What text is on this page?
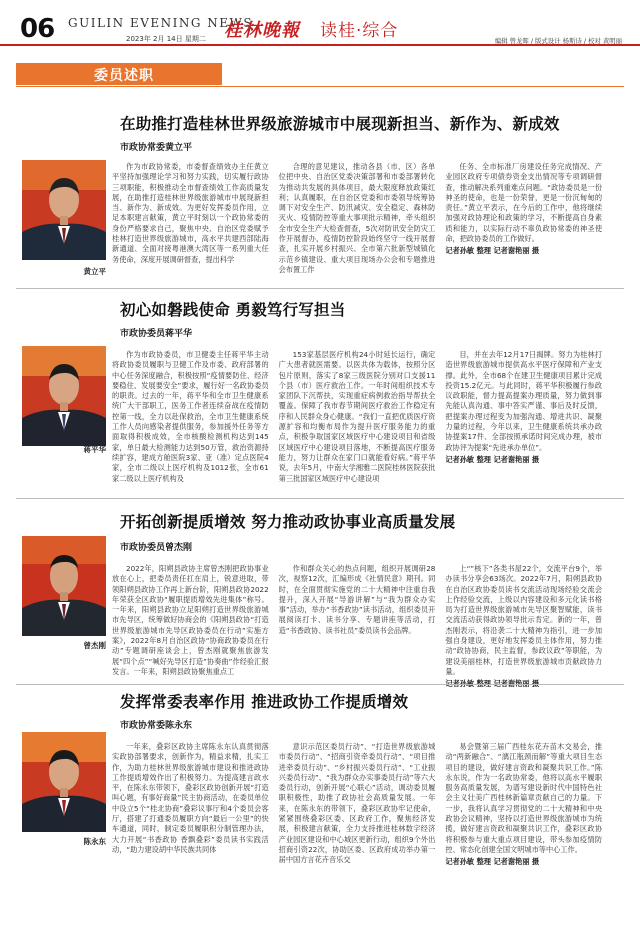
06 GUILIN EVENING NEWS
2023年 2月 14日 星期二 桂林晚報 读桂·综合	编辑 曾龙晖 / 版式设计 杨斯诗 / 校对 黄明丽
委员述职
在助推打造桂林世界级旅游城市中展现新担当、新作为、新成效
市政协常委黄立平
黄立平

作为市政协常委，市委督查绩效办主任黄立平坚持加强理论学习和努力实践，切实履行政协三项职能，积极推动全市督查绩效工作高质量发展，在助推打造桂林世界级旅游城市中展现新担当、新作为、新成效。为更好发挥委员作用，立足本职建言献策，黄立平时刻以一个政协常委的身份严格要求自己，聚焦中央、自治区党委赋予桂林打造世界级旅游城市，高水平共建西部陆海新通道、全面对接粤港澳大湾区等一系列重大任务使命，深度开展调研督查，提出科学

合理的意见建议，推动各县（市、区）各单位把中央、自治区党委决策部署和市委部署转化为推动共发展的具体项目，最大限度释放政策红利；认真履职，在自治区党委和市委领导统筹协调下对安全生产、防汛减灾、安全稳定、森林防灭火、疫情防控等重大事项批示精神，牵头组织全市安全生产大检查督查，5次对防讯安全防灾工作开展督办，疫情防控阶段始终坚守一线开展督查，扎实开展乡村振兴、全市第六批新型城镇化示范乡镇建设、重大项目现场办公会和专题推进会布置工作

任务、全市标准厂房建设任务完成情况、产业园区政府专项债券资金支出情况等专项调研督查，推动解决系列重难点问题。“政协委员是一份神圣的使命，也是一份荣誉，更是一份沉甸甸的责任。”黄立平表示，在今后的工作中，他将继续加强对政协理论和政策的学习，不断提高自身素质和能力，以实际行动不辜负政协常委的神圣使命，把政协委员的工作做好。

记者孙敏 整理 记者谢艳丽 摄

初心如磐践使命 勇毅笃行写担当
市政协委员蒋平华
蒋平华

作为市政协委员，市卫健委主任蒋平华主动将政协委员履职与卫健工作及市委、政府部署的中心任务深度融合，积极按照“疫情要防住、经济要稳住、发展要安全”要求，履行好一名政协委员的职责。过去的一年，蒋平华和全市卫生健康系统广大干部职工，医务工作者连续奋战在疫情防控第一线，全力以赴保救治，全市卫生健康系统工作人员向感染者提供服务，参加援外任务等方面取得积极成效，全市核酸检测机构达到145家，单日最大检测能力达到50万管，救治资源持续扩容，建成方舱医院3家、亚（准）定点医院4家，全市二级以上医疗机构及1012张，全市61家二级以上医疗机构及

153家基层医疗机构24小时延长运行，确定广大患者就医需要。以医共体为载体，按照分区包片原则，落实了8家三级医院分别对口支援11个县（市）医疗救治工作。一年时间组织技术专家团队下沉帮扶，实现重症病例救治指导帮扶全覆盖。保障了我市春节期间医疗救治工作稳定有序和人民群众身心健康。“我们一直把优质医疗资源扩容和均衡布局作为提升医疗服务能力的重点，积极争取国家区域医疗中心建设项目和省级区域医疗中心建设项目落地，不断提高医疗服务能力，努力让群众在家门口就能看好病。”蒋平华说，去年5月，中南大学湘雅二医院桂林医院获批第三批国家区域医疗中心建设项

目，并在去年12月17日揭牌。努力为桂林打造世界级旅游城市提供高水平医疗保障和产业支撑。此外，全市68个在建卫生健康项目累计完成投资15.2亿元。与此同时，蒋平华积极履行参政议政职能，督力提高提案办理质量，努力做到事先能认真沟通、事中答实严谨、事后及时反馈，把提案办理过程变为加强沟通、增进共识、凝聚力量的过程，今年以来，卫生健康系统共承办政协提案17件、全部按照承诺时间完成办理，被市政协评为提案“先进承办单位”。

记者孙敏 整理 记者谢艳丽 摄

开拓创新提质增效 努力推动政协事业高质量发展
市政协委员曾杰刚
曾杰刚

2022年，阳朔县政协主席曾杰刚把政协事业放在心上，把委员责任扛在肩上，锐意进取，带领阳朔县政协工作再上新台阶，阳朔县政协2022年荣获全区政协“履职提质增效先进集体”称号。一年来，阳朔县政协立足阳朔打造世界级旅游城市先导区，统筹做好协商会的《阳朔县政协“打造世界级旅游城市先导区政协委员在行动”实施方案》，2022年8月自治区政协“协商政协委员在行动”专题调研座谈会上，曾杰刚就聚焦旅游发展“四个点”“喊好先导区打造”协奏曲”作经验汇报发言。一年来，阳朔县政协聚焦重点工

作和群众关心的热点问题，组织开展调研28次，视察12次，汇编形成《社情民意》期刊。同时，在全面贯彻实施党的二十大精神中注重自我提升，深入开展“导游讲解”与“我为群众办实事”活动，举办“书香政协”读书活动，组织委员开展阅读打卡、读书分享、专题讲座等活动，打造“书香政协、读书社员”委员读书会品牌。

上“”核下”各类书屋22个，交流平台9个，举办读书分享会63场次。2022年7月，阳朔县政协在自治区政协委员读书交流活动现场经验交流会上作经验交流，上级以内容建设和多元化读书格局为打造世界级旅游城市先导区聚智赋能，读书交流活动获得政协领导批示肯定。新的一年，曾杰刚表示，将沿袭二十大精神为指引，进一步加强自身建设，更好地发挥委员主体作用，努力推动“政协协商，民主监督，参政议政”等职能，为建设美丽桂林，打造世界级旅游城市贡献政协力量。

发挥常委表率作用 推进政协工作提质增效
市政协常委陈永东
陈永东

一年来，叠彩区政协主席陈永东认真贯彻落实政协部署要求，创新作为，精益求精，扎实工作，为助力桂林世界级旅游城市建设和推进政协工作提质增效作出了积极努力。为提高建言政水平，在陈永东带领下，叠彩区政协创新开展“打造叫心题，有事好商量”民主协商活动，在委员单位中设立5个“桂北协商”叠彩议事厅和4个委员会客厅，搭建了打通委员履职方向“最后一公里”的快车通道，同时，制定委员履职积分制管理办法，大力开展“书香政协 香飘叠彩”委员读书实践活动，“助力建设胡中华民族共同体

意识示范区委员行动”、“打造世界级旅游城市委员行动”、“招商引资牵委员行动”、“项目推进牵委员行动”、“乡村振兴委员行动”、“工业振兴委员行动”、“我为群众办实事委员行动”等六大委员行动，创新开展“心联心”活动，调动委员履职积极性，助推了政协社会高质量发展。一年来，在陈永东的带领下，叠彩区政协牢记使命，紧紧围绕叠彩区委、区政府工作，聚焦经济发展，积极建言献策，全力支持推进桂林数字经济产业园区建设和中心城区更新行动，组织9个外出招商引资22次，协助区委、区政府成功举办第一届中国方言花卉音乐交

易会暨第三届广西桂东花卉苗木交易会，推动“两新融合”、“漓江瓶颈而解”等重大项目生态项目的建设，做好建言资政和凝聚共识工作。”陈永东说，作为一名政协常委，他将以高水平履职服务高质量发展，为谱写建设新时代中国特色社会主义壮美广西桂林新篇章贡献自己的力量。下一步，我将认真学习贯彻党的二十大精神和中央政协会议精神，坚持以打造世界级旅游城市为统揽，做好建言资政和凝聚共识工作，叠彩区政协将积极参与重大重点项目建设，带头参加疫情防控、常态化创建全国文明城市等中心工作。

记者孙敏 整理 记者谢艳丽 摄
